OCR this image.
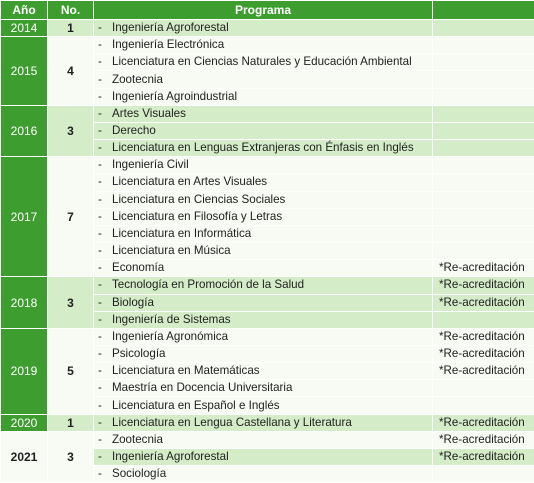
Año	No.	Programa	
2014	1	- Ingeniería Agroforestal	
2015	4	- Ingeniería Electrónica	
		- Licenciatura en Ciencias Naturales y Educación Ambiental	
		- Zootecnia	
		- Ingeniería Agroindustrial	
2016	3	- Artes Visuales	
		- Derecho	
		- Licenciatura en Lenguas Extranjeras con Énfasis en Inglés	
2017	7	- Ingeniería Civil	
		- Licenciatura en Artes Visuales	
		- Licenciatura en Ciencias Sociales	
		- Licenciatura en Filosofía y Letras	
		- Licenciatura en Informática	
		- Licenciatura en Música	
		- Economía	*Re-acreditación
2018	3	- Tecnología en Promoción de la Salud	*Re-acreditación
		- Biología	*Re-acreditación
		- Ingeniería de Sistemas	
2019	5	- Ingeniería Agronómica	*Re-acreditación
		- Psicología	*Re-acreditación
		- Licenciatura en Matemáticas	*Re-acreditación
		- Maestría en Docencia Universitaria	
		- Licenciatura en Español e Inglés	
2020	1	- Licenciatura en Lengua Castellana y Literatura	*Re-acreditación
2021	3	- Zootecnia	*Re-acreditación
		- Ingeniería Agroforestal	*Re-acreditación
		- Sociología	
